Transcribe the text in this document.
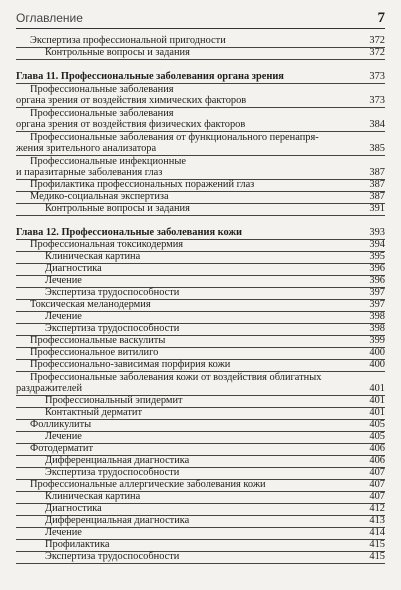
Оглавление	7
Экспертиза профессиональной пригодности	372
Контрольные вопросы и задания	372
Глава 11. Профессиональные заболевания органа зрения	373
Профессиональные заболевания
органа зрения от воздействия химических факторов	373
Профессиональные заболевания
органа зрения от воздействия физических факторов	384
Профессиональные заболевания от функционального перенапря-
жения зрительного анализатора	385
Профессиональные инфекционные
и паразитарные заболевания глаз	387
Профилактика профессиональных поражений глаз	387
Медико-социальная экспертиза	387
Контрольные вопросы и задания	391
Глава 12. Профессиональные заболевания кожи	393
Профессиональная токсикодермия	394
Клиническая картина	395
Диагностика	396
Лечение	396
Экспертиза трудоспособности	397
Токсическая меланодермия	397
Лечение	398
Экспертиза трудоспособности	398
Профессиональные васкулиты	399
Профессиональное витилиго	400
Профессионально-зависимая порфирия кожи	400
Профессиональные заболевания кожи от воздействия облигатных
раздражителей	401
Профессиональный эпидермит	401
Контактный дерматит	401
Фолликулиты	405
Лечение	405
Фотодерматит	406
Дифференциальная диагностика	406
Экспертиза трудоспособности	407
Профессиональные аллергические заболевания кожи	407
Клиническая картина	407
Диагностика	412
Дифференциальная диагностика	413
Лечение	414
Профилактика	415
Экспертиза трудоспособности	415
